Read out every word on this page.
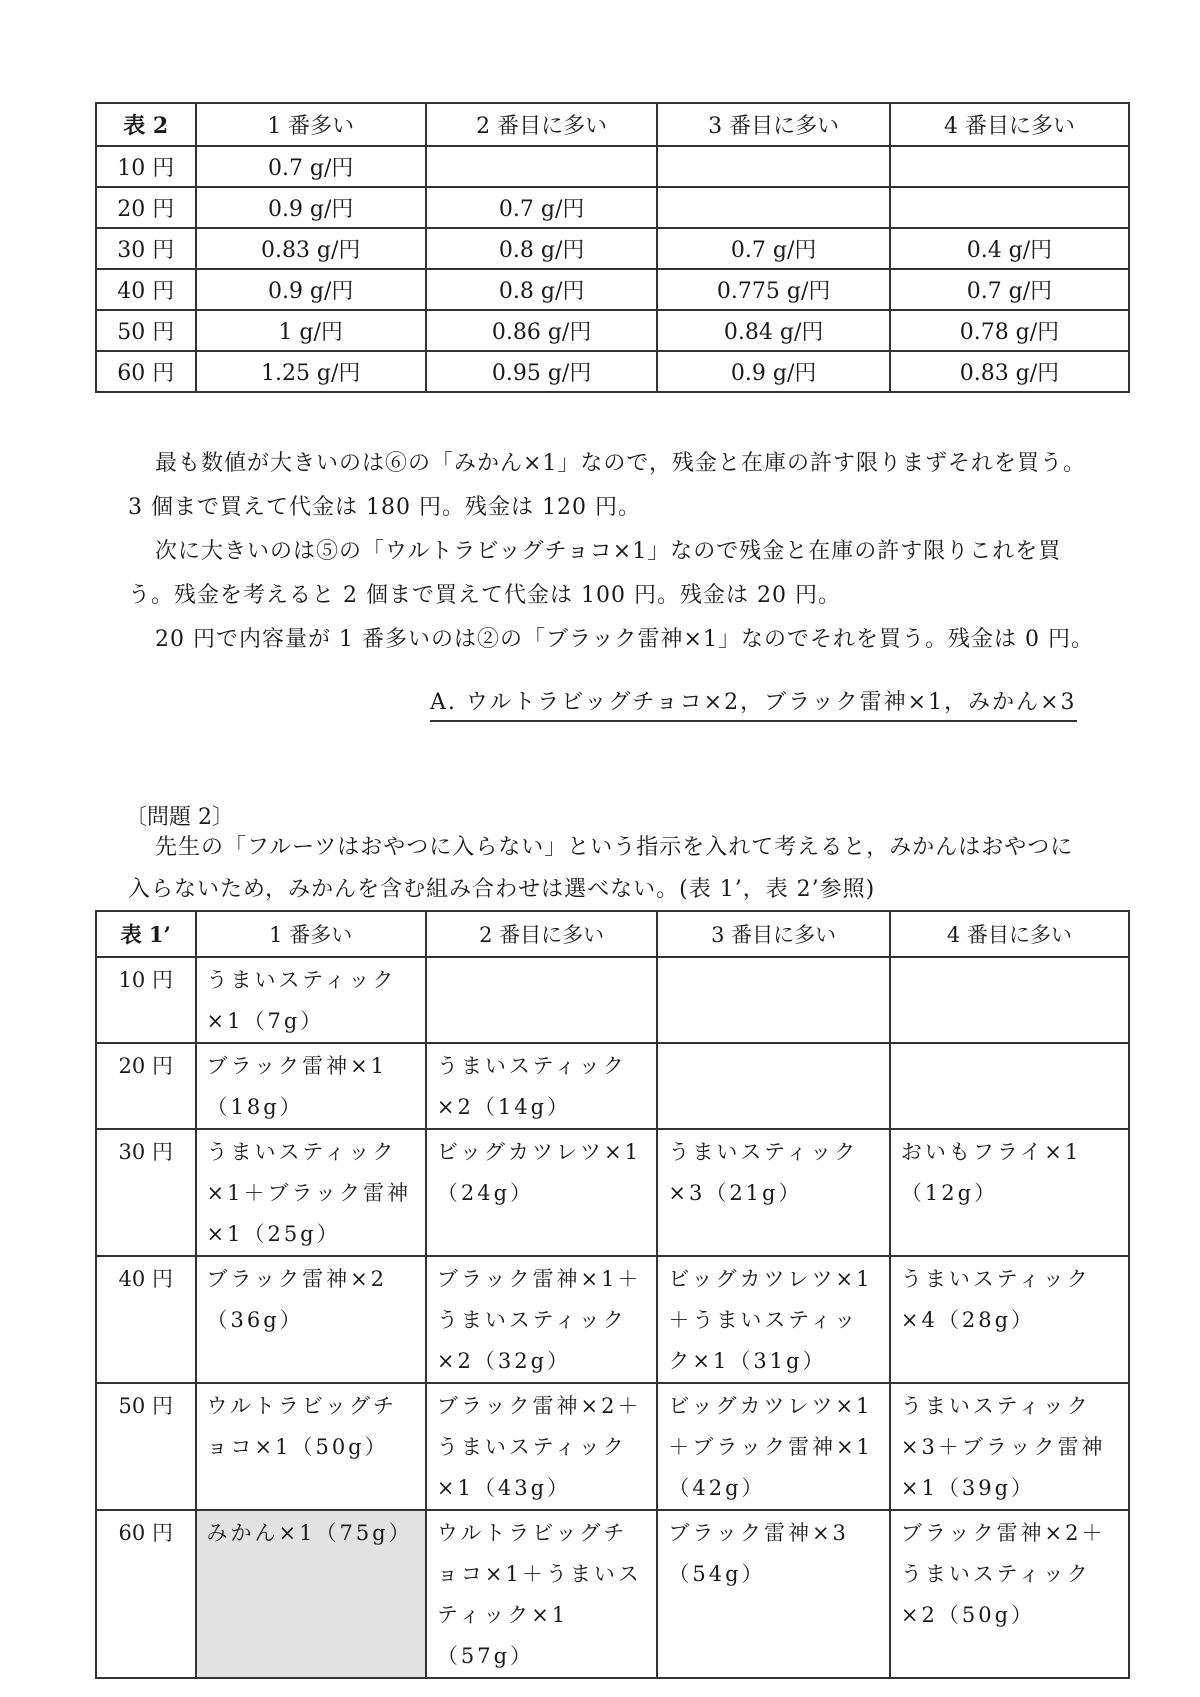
表 2	1 番多い	2 番目に多い	3 番目に多い	4 番目に多い
10 円	0.7 g/円			
20 円	0.9 g/円	0.7 g/円		
30 円	0.83 g/円	0.8 g/円	0.7 g/円	0.4 g/円
40 円	0.9 g/円	0.8 g/円	0.775 g/円	0.7 g/円
50 円	1 g/円	0.86 g/円	0.84 g/円	0.78 g/円
60 円	1.25 g/円	0.95 g/円	0.9 g/円	0.83 g/円

最も数値が大きいのは⑥の「みかん×1」なので，残金と在庫の許す限りまずそれを買う。

3 個まで買えて代金は 180 円。残金は 120 円。

次に大きいのは⑤の「ウルトラビッグチョコ×1」なので残金と在庫の許す限りこれを買

う。残金を考えると 2 個まで買えて代金は 100 円。残金は 20 円。

20 円で内容量が 1 番多いのは②の「ブラック雷神×1」なのでそれを買う。残金は 0 円。

A. ウルトラビッグチョコ×2，ブラック雷神×1，みかん×3
〔問題 2〕

先生の「フルーツはおやつに入らない」という指示を入れて考えると，みかんはおやつに

入らないため，みかんを含む組み合わせは選べない。(表 1’，表 2’参照)

表 1’	1 番多い	2 番目に多い	3 番目に多い	4 番目に多い
10 円	うまいスティック×1（7g）			
20 円	ブラック雷神×1（18g）	うまいスティック×2（14g）		
30 円	うまいスティック×1＋ブラック雷神×1（25g）	ビッグカツレツ×1（24g）	うまいスティック×3（21g）	おいもフライ×1（12g）
40 円	ブラック雷神×2（36g）	ブラック雷神×1＋うまいスティック×2（32g）	ビッグカツレツ×1＋うまいスティック×1（31g）	うまいスティック×4（28g）
50 円	ウルトラビッグチョコ×1（50g）	ブラック雷神×2＋うまいスティック×1（43g）	ビッグカツレツ×1＋ブラック雷神×1（42g）	うまいスティック×3＋ブラック雷神×1（39g）
60 円	みかん×1（75g）	ウルトラビッグチョコ×1＋うまいスティック×1（57g）	ブラック雷神×3（54g）	ブラック雷神×2＋うまいスティック×2（50g）
